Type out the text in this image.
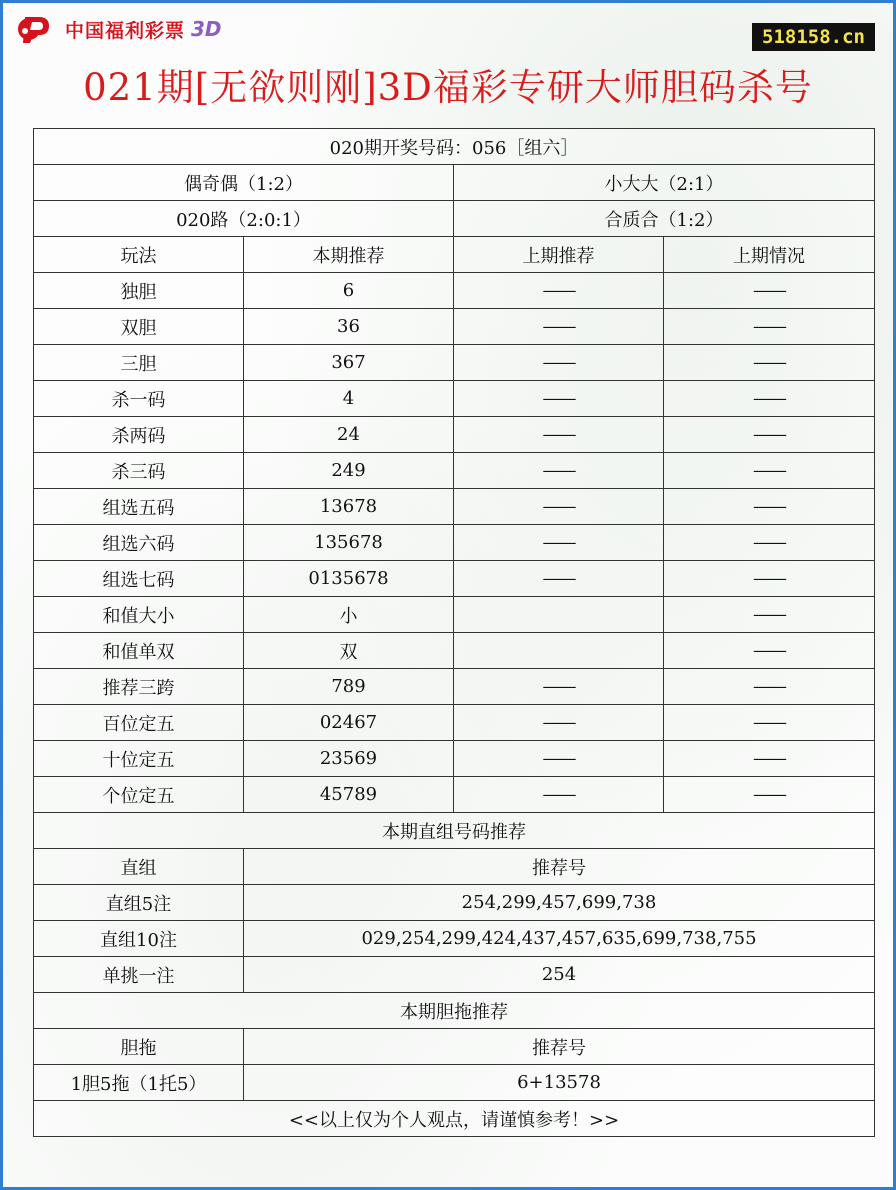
中国福利彩票 3D	518158.cn
021期[无欲则刚]3D福彩专研大师胆码杀号
020期开奖号码：056［组六］			
偶奇偶（1:2）		小大大（2:1）	
020路（2:0:1）		合质合（1:2）	
玩法	本期推荐	上期推荐	上期情况
独胆	6	——	——
双胆	36	——	——
三胆	367	——	——
杀一码	4	——	——
杀两码	24	——	——
杀三码	249	——	——
组选五码	13678	——	——
组选六码	135678	——	——
组选七码	0135678	——	——
和值大小	小		——
和值单双	双		——
推荐三跨	789	——	——
百位定五	02467	——	——
十位定五	23569	——	——
个位定五	45789	——	——
本期直组号码推荐			
直组	推荐号		
直组5注	254,299,457,699,738		
直组10注	029,254,299,424,437,457,635,699,738,755		
单挑一注	254		
本期胆拖推荐			
胆拖	推荐号		
1胆5拖（1托5）	6+13578		
<<以上仅为个人观点，请谨慎参考！>>			
